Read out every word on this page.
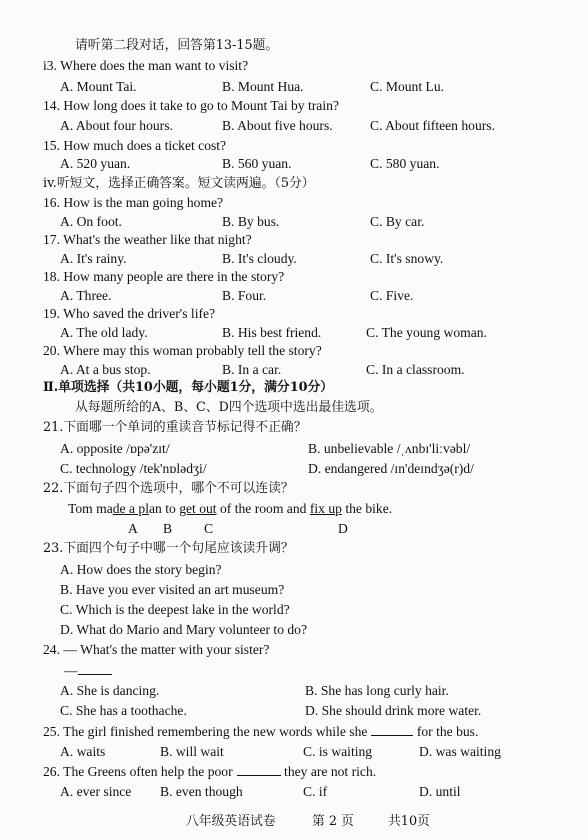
请听第二段对话，回答第13-15题。
i3. Where does the man want to visit?
A. Mount Tai.	B. Mount Hua.	C. Mount Lu.
14. How long does it take to go to Mount Tai by train?
A. About four hours.	B. About five hours.	C. About fifteen hours.
15. How much does a ticket cost?
A. 520 yuan.	B. 560 yuan.	C. 580 yuan.
iv.听短文，选择正确答案。短文读两遍。（5分）
16. How is the man going home?
A. On foot.	B. By bus.	C. By car.
17. What's the weather like that night?
A. It's rainy.	B. It's cloudy.	C. It's snowy.
18. How many people are there in the story?
A. Three.	B. Four.	C. Five.
19. Who saved the driver's life?
A. The old lady.	B. His best friend.	C. The young woman.
20. Where may this woman probably tell the story?
A. At a bus stop.	B. In a car.	C. In a classroom.
Ⅱ.单项选择（共10小题，每小题1分，满分10分）
从每题所给的A、B、C、D四个选项中选出最佳选项。
21.下面哪一个单词的重读音节标记得不正确？
A. opposite /ɒpə'zɪt/	B. unbelievable /ˌʌnbɪ'liːvəbl/
C. technology /tek'nɒlədʒi/	D. endangered /ɪn'deɪndʒə(r)d/
22.下面句子四个选项中，哪个不可以连读？
Tom made a plan to get out of the room and fix up the bike.
A B C	D
23.下面四个句子中哪一个句尾应该读升调？
A. How does the story begin?
B. Have you ever visited an art museum?
C. Which is the deepest lake in the world?
D. What do Mario and Mary volunteer to do?
24. — What's the matter with your sister?
—
A. She is dancing.	B. She has long curly hair.
C. She has a toothache.	D. She should drink more water.
25. The girl finished remembering the new words while she	for the bus.
A. waits	B. will wait	C. is waiting	D. was waiting
26. The Greens often help the poor	they are not rich.
A. ever since B. even though	C. if	D. until
八年级英语试卷	第 2 页	共10页
